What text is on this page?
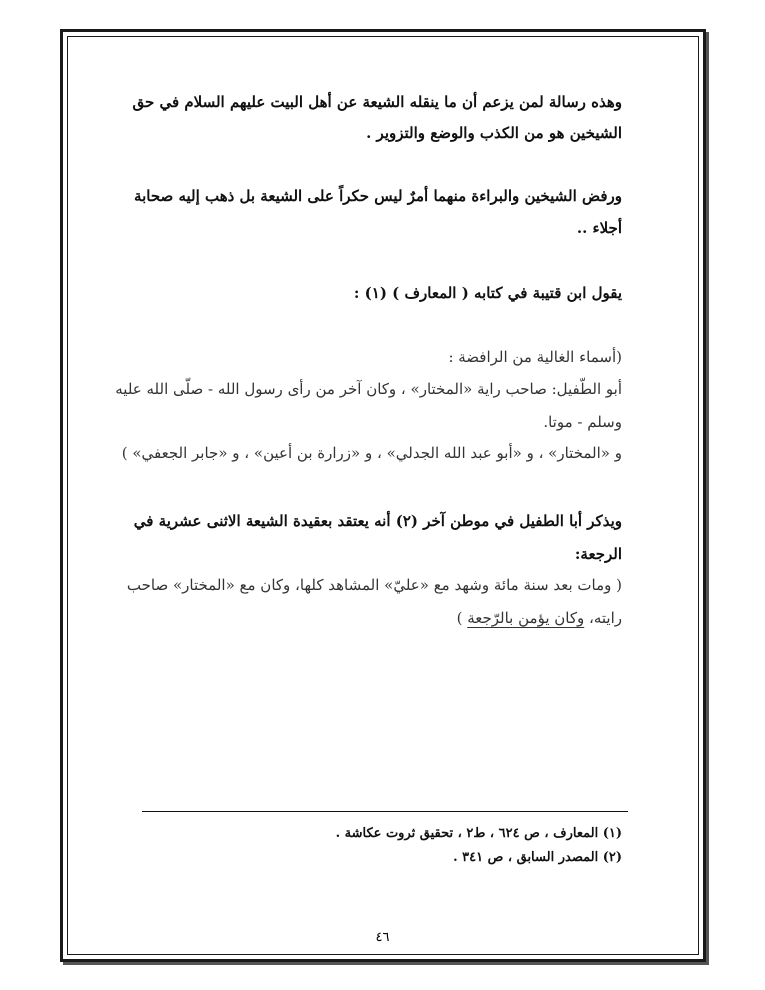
وهذه رسالة لمن يزعم أن ما ينقله الشيعة عن أهل البيت عليهم السلام في حق
الشيخين هو من الكذب والوضع والتزوير .
ورفض الشيخين والبراءة منهما أمرٌ ليس حكراً على الشيعة بل ذهب إليه صحابة
أجلاء ..
يقول ابن قتيبة في كتابه ( المعارف ) (١) :
(أسماء الغالية من الرافضة :
أبو الطّفيل: صاحب راية «المختار» ، وكان آخر من رأى رسول الله - صلّى الله عليه
وسلم - موتا.
و «المختار» ، و «أبو عبد الله الجدلي» ، و «زرارة بن أعين» ، و «جابر الجعفي» )
ويذكر أبا الطفيل في موطن آخر (٢) أنه يعتقد بعقيدة الشيعة الاثنى عشرية في
الرجعة:
( ومات بعد سنة مائة وشهد مع «عليّ» المشاهد كلها، وكان مع «المختار» صاحب
رايته، وكان يؤمن بالرّجعة )
(١) المعارف ، ص ٦٢٤ ، ط٢ ، تحقيق ثروت عكاشة .
(٢) المصدر السابق ، ص ٣٤١ .
٤٦
